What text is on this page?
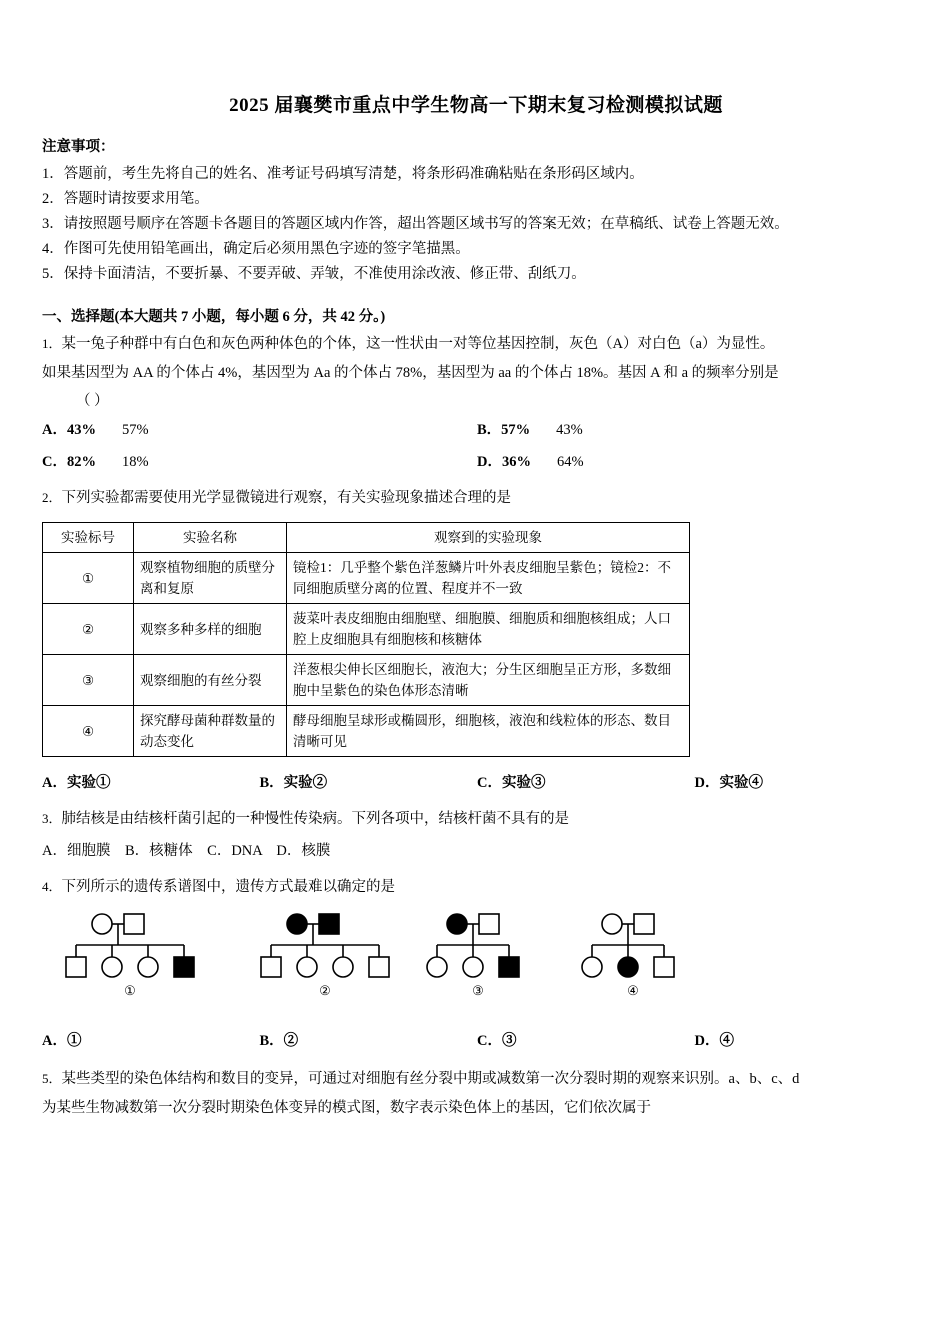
2025 届襄樊市重点中学生物高一下期末复习检测模拟试题
注意事项：
1．答题前，考生先将自己的姓名、准考证号码填写清楚，将条形码准确粘贴在条形码区域内。
2．答题时请按要求用笔。
3．请按照题号顺序在答题卡各题目的答题区域内作答，超出答题区域书写的答案无效；在草稿纸、试卷上答题无效。
4．作图可先使用铅笔画出，确定后必须用黑色字迹的签字笔描黑。
5．保持卡面清洁，不要折暴、不要弄破、弄皱，不准使用涂改液、修正带、刮纸刀。
一、选择题(本大题共 7 小题，每小题 6 分，共 42 分。)
1．某一兔子种群中有白色和灰色两种体色的个体，这一性状由一对等位基因控制，灰色（A）对白色（a）为显性。
如果基因型为 AA 的个体占 4%，基因型为 Aa 的个体占 78%，基因型为 aa 的个体占 18%。基因 A 和 a 的频率分别是
（ ）
A．43% 57%	B．57% 43%
C．82% 18%	D．36% 64%
2．下列实验都需要使用光学显微镜进行观察，有关实验现象描述合理的是
实验标号	实验名称	观察到的实验现象
①	观察植物细胞的质壁分离和复原	镜检1：几乎整个紫色洋葱鳞片叶外表皮细胞呈紫色；镜检2：不同细胞质壁分离的位置、程度并不一致
②	观察多种多样的细胞	菠菜叶表皮细胞由细胞壁、细胞膜、细胞质和细胞核组成；人口腔上皮细胞具有细胞核和核糖体
③	观察细胞的有丝分裂	洋葱根尖伸长区细胞长，液泡大；分生区细胞呈正方形，多数细胞中呈紫色的染色体形态清晰
④	探究酵母菌种群数量的动态变化	酵母细胞呈球形或椭圆形，细胞核，液泡和线粒体的形态、数目清晰可见
A．实验①	B．实验②	C．实验③	D．实验④
3．肺结核是由结核杆菌引起的一种慢性传染病。下列各项中，结核杆菌不具有的是
A．细胞膜　B．核糖体　C．DNA　D．核膜
4．下列所示的遗传系谱图中，遗传方式最难以确定的是
①	②	③	④
A．①	B．②	C．③	D．④
5．某些类型的染色体结构和数目的变异，可通过对细胞有丝分裂中期或减数第一次分裂时期的观察来识别。a、b、c、d
为某些生物减数第一次分裂时期染色体变异的模式图，数字表示染色体上的基因，它们依次属于
